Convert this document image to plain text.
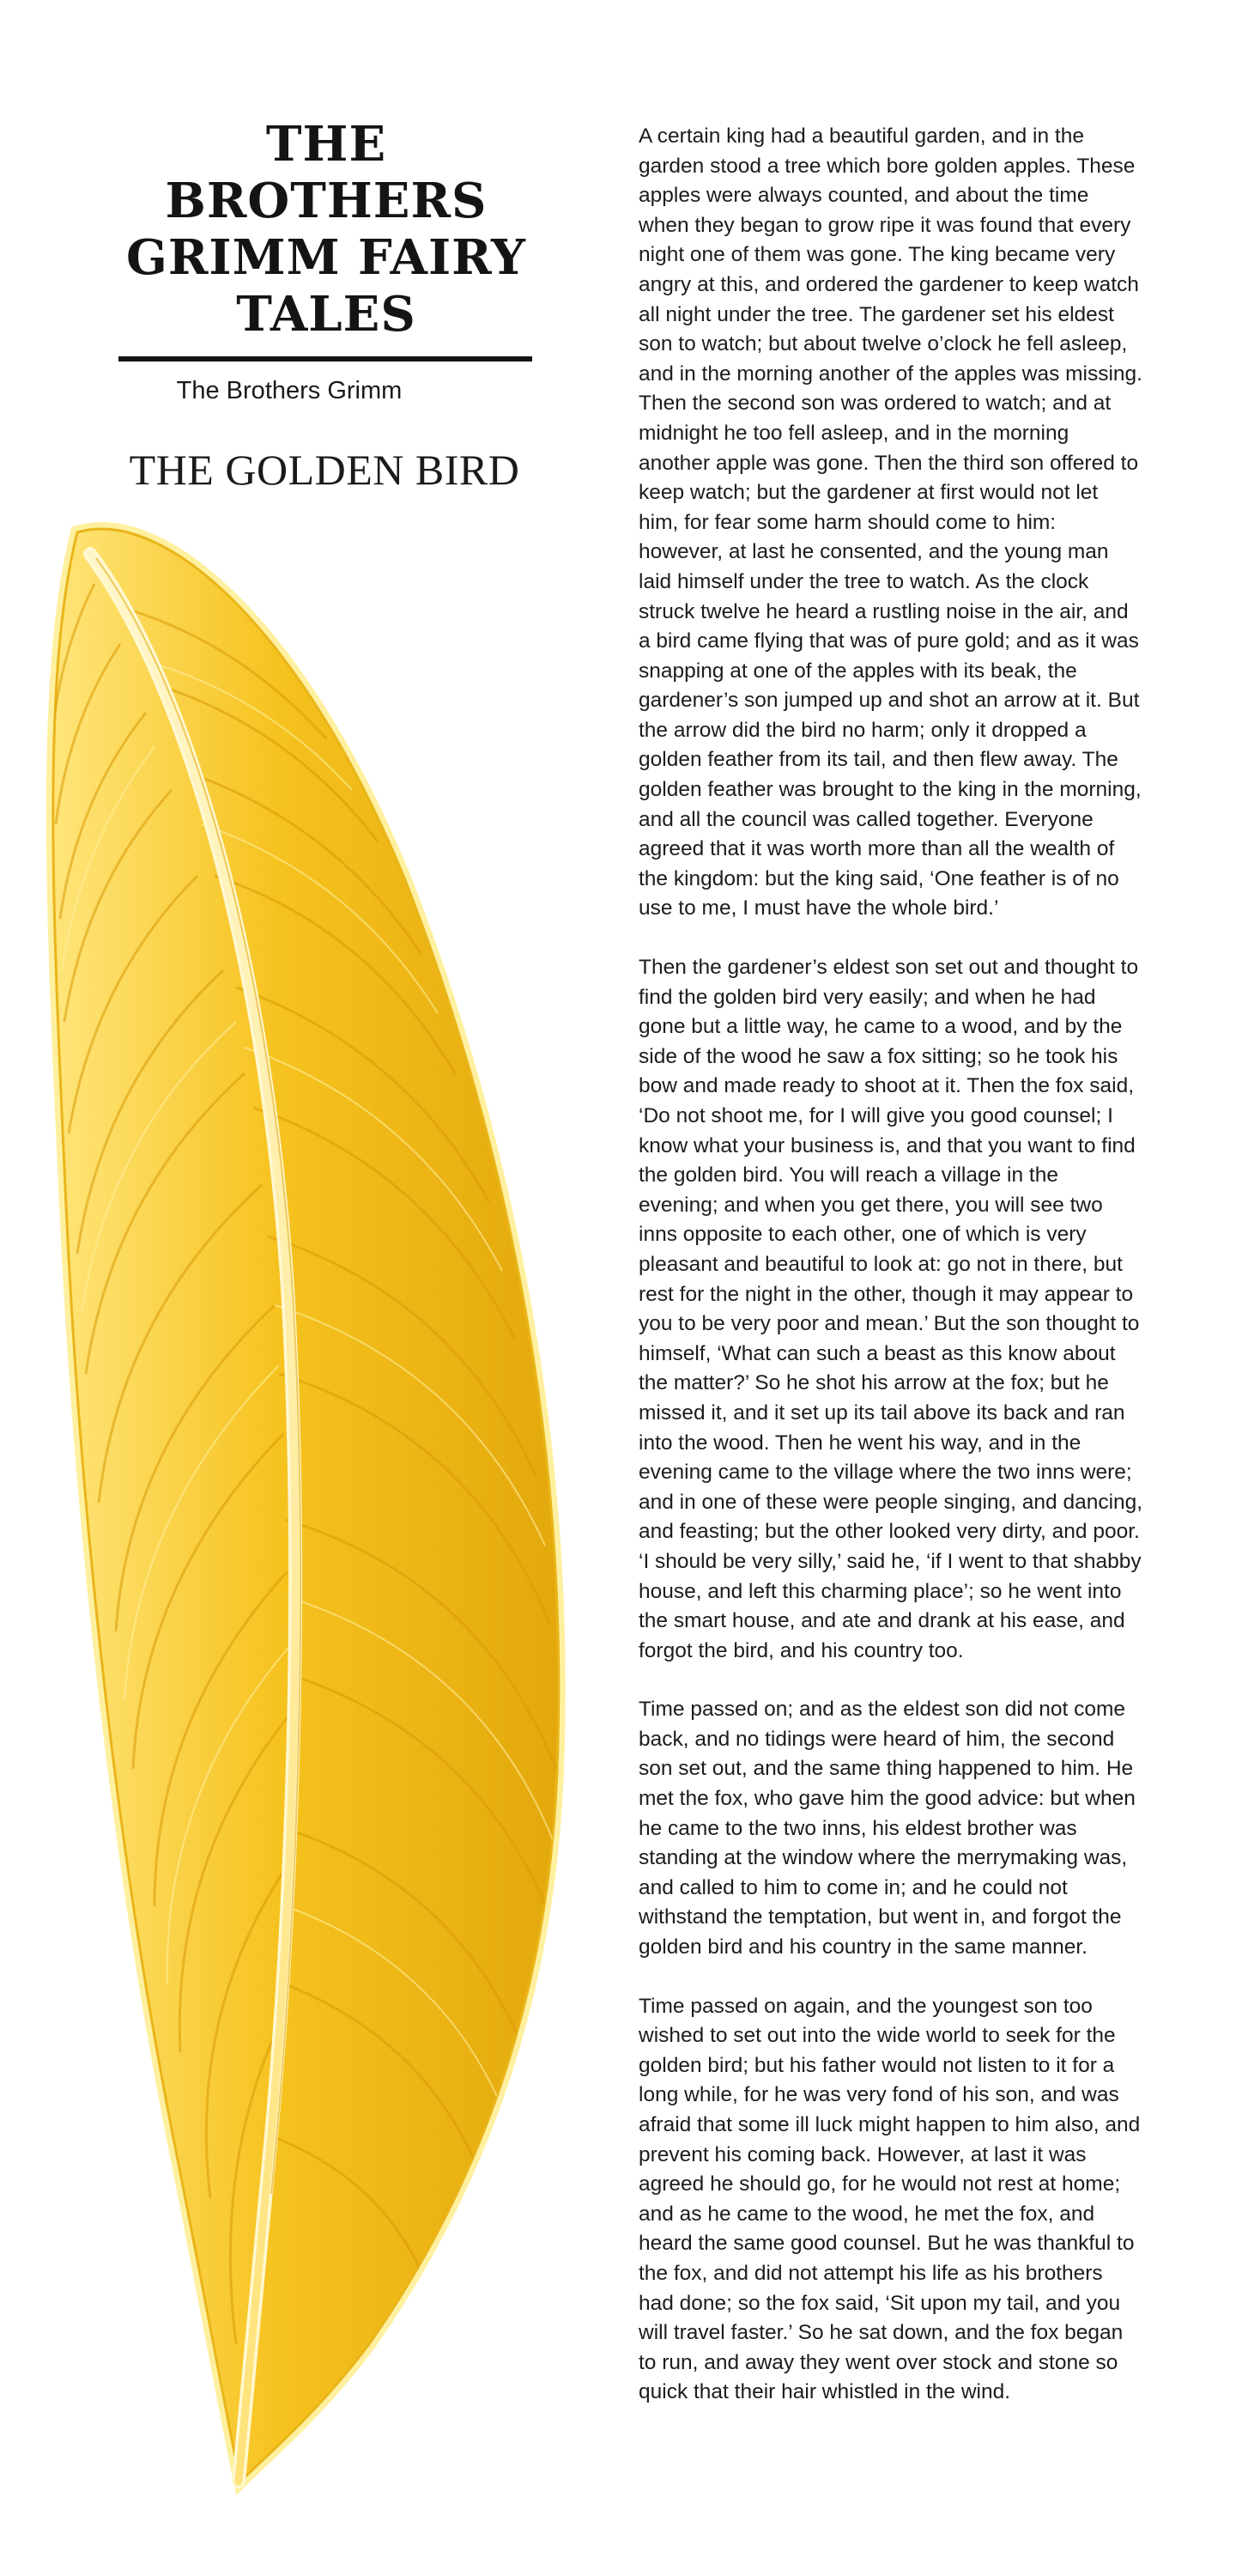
THE BROTHERS GRIMM FAIRY TALES
The Brothers Grimm
THE GOLDEN BIRD

A certain king had a beautiful garden, and in the garden stood a tree which bore golden apples. These apples were always counted, and about the time when they began to grow ripe it was found that every night one of them was gone. The king became very angry at this, and ordered the gardener to keep watch all night under the tree. The gardener set his eldest son to watch; but about twelve o’clock he fell asleep, and in the morning another of the apples was missing. Then the second son was ordered to watch; and at midnight he too fell asleep, and in the morning another apple was gone. Then the third son offered to keep watch; but the gardener at first would not let him, for fear some harm should come to him: however, at last he consented, and the young man laid himself under the tree to watch. As the clock struck twelve he heard a rustling noise in the air, and a bird came flying that was of pure gold; and as it was snapping at one of the apples with its beak, the gardener’s son jumped up and shot an arrow at it. But the arrow did the bird no harm; only it dropped a golden feather from its tail, and then flew away. The golden feather was brought to the king in the morning, and all the council was called together. Everyone agreed that it was worth more than all the wealth of the kingdom: but the king said, ‘One feather is of no use to me, I must have the whole bird.’

Then the gardener’s eldest son set out and thought to find the golden bird very easily; and when he had gone but a little way, he came to a wood, and by the side of the wood he saw a fox sitting; so he took his bow and made ready to shoot at it. Then the fox said, ‘Do not shoot me, for I will give you good counsel; I know what your business is, and that you want to find the golden bird. You will reach a village in the evening; and when you get there, you will see two inns opposite to each other, one of which is very pleasant and beautiful to look at: go not in there, but rest for the night in the other, though it may appear to you to be very poor and mean.’ But the son thought to himself, ‘What can such a beast as this know about the matter?’ So he shot his arrow at the fox; but he missed it, and it set up its tail above its back and ran into the wood. Then he went his way, and in the evening came to the village where the two inns were; and in one of these were people singing, and dancing, and feasting; but the other looked very dirty, and poor. ‘I should be very silly,’ said he, ‘if I went to that shabby house, and left this charming place’; so he went into the smart house, and ate and drank at his ease, and forgot the bird, and his country too.

Time passed on; and as the eldest son did not come back, and no tidings were heard of him, the second son set out, and the same thing happened to him. He met the fox, who gave him the good advice: but when he came to the two inns, his eldest brother was standing at the window where the merrymaking was, and called to him to come in; and he could not withstand the temptation, but went in, and forgot the golden bird and his country in the same manner.

Time passed on again, and the youngest son too wished to set out into the wide world to seek for the golden bird; but his father would not listen to it for a long while, for he was very fond of his son, and was afraid that some ill luck might happen to him also, and prevent his coming back. However, at last it was agreed he should go, for he would not rest at home; and as he came to the wood, he met the fox, and heard the same good counsel. But he was thankful to the fox, and did not attempt his life as his brothers had done; so the fox said, ‘Sit upon my tail, and you will travel faster.’ So he sat down, and the fox began to run, and away they went over stock and stone so quick that their hair whistled in the wind.
